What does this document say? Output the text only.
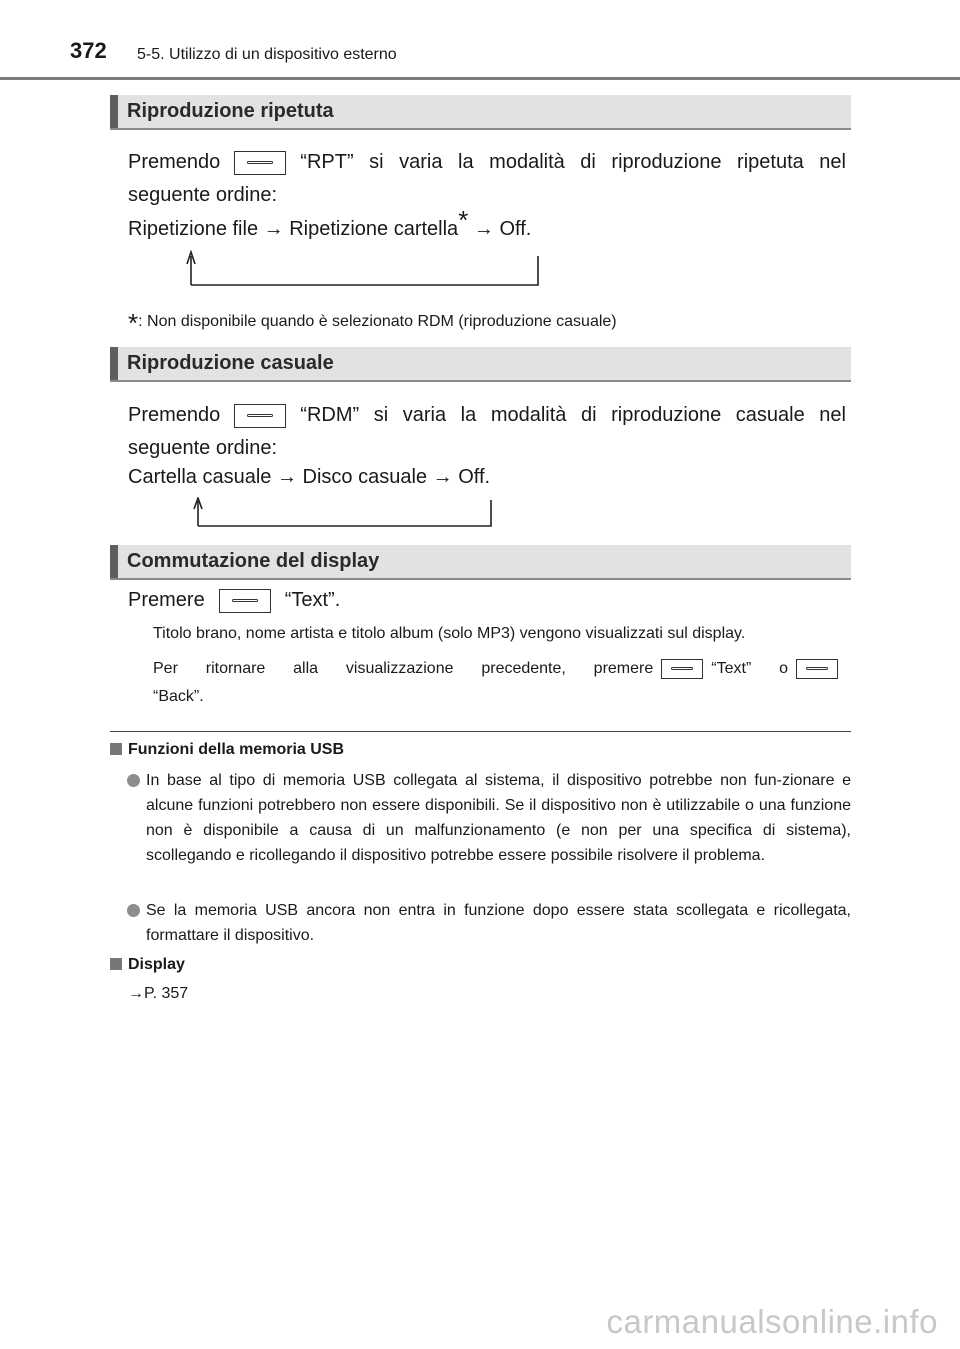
372 5-5. Utilizzo di un dispositivo esterno
Riproduzione ripetuta
Premendo	“RPT” si varia la modalità di riproduzione ripetuta nel
seguente ordine:
Ripetizione file → Ripetizione cartella* → Off.
*: Non disponibile quando è selezionato RDM (riproduzione casuale)
Riproduzione casuale
Premendo	“RDM” si varia la modalità di riproduzione casuale nel
seguente ordine:
Cartella casuale → Disco casuale → Off.
Commutazione del display
Premere	“Text”.
Titolo brano, nome artista e titolo album (solo MP3) vengono visualizzati sul display.
Per ritornare alla visualizzazione precedente, premere	“Text” o
“Back”.
Funzioni della memoria USB
In base al tipo di memoria USB collegata al sistema, il dispositivo potrebbe non fun-zionare e alcune funzioni potrebbero non essere disponibili. Se il dispositivo non è utilizzabile o una funzione non è disponibile a causa di un malfunzionamento (e non per una specifica di sistema), scollegando e ricollegando il dispositivo potrebbe essere possibile risolvere il problema.
Se la memoria USB ancora non entra in funzione dopo essere stata scollegata e ricollegata, formattare il dispositivo.
Display
→P. 357
carmanualsonline.info
